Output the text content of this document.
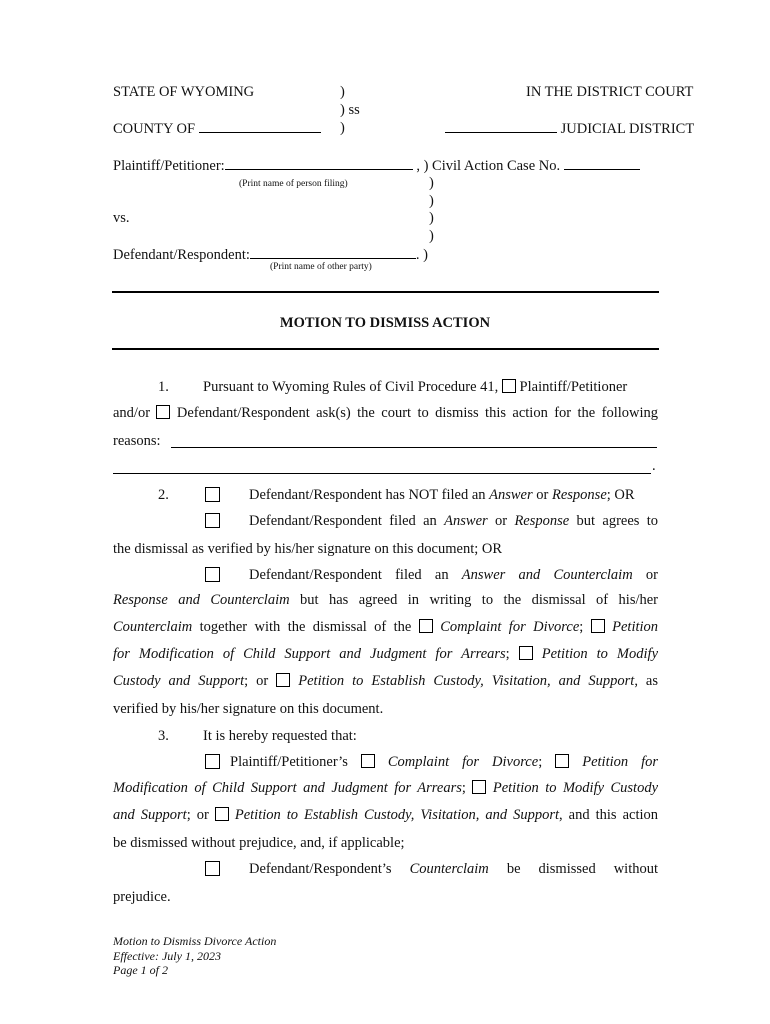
STATE OF WYOMING	)
) ss
)
IN THE DISTRICT COURT
COUNTY OF	JUDICIAL DISTRICT
Plaintiff/Petitioner:	, ) Civil Action Case No.
(Print name of person filing)	)
)
vs.	)
)
Defendant/Respondent:	. )
(Print name of other party)
MOTION TO DISMISS ACTION
1. Pursuant to Wyoming Rules of Civil Procedure 41, Plaintiff/Petitioner
and/or Defendant/Respondent ask(s) the court to dismiss this action for the following
reasons:
.
2.	Defendant/Respondent has NOT filed an Answer or Response; OR
Defendant/Respondent filed an Answer or Response but agrees to
the dismissal as verified by his/her signature on this document; OR
Defendant/Respondent filed an Answer and Counterclaim or
Response and Counterclaim but has agreed in writing to the dismissal of his/her
Counterclaim together with the dismissal of the Complaint for Divorce; Petition
for Modification of Child Support and Judgment for Arrears; Petition to Modify
Custody and Support; or Petition to Establish Custody, Visitation, and Support, as
verified by his/her signature on this document.
3. It is hereby requested that:
Plaintiff/Petitioner’s	Complaint for Divorce;	Petition for
Modification of Child Support and Judgment for Arrears; Petition to Modify Custody
and Support; or Petition to Establish Custody, Visitation, and Support, and this action
be dismissed without prejudice, and, if applicable;
Defendant/Respondent’s Counterclaim be dismissed without
prejudice.
Motion to Dismiss Divorce Action
Effective: July 1, 2023
Page 1 of 2
